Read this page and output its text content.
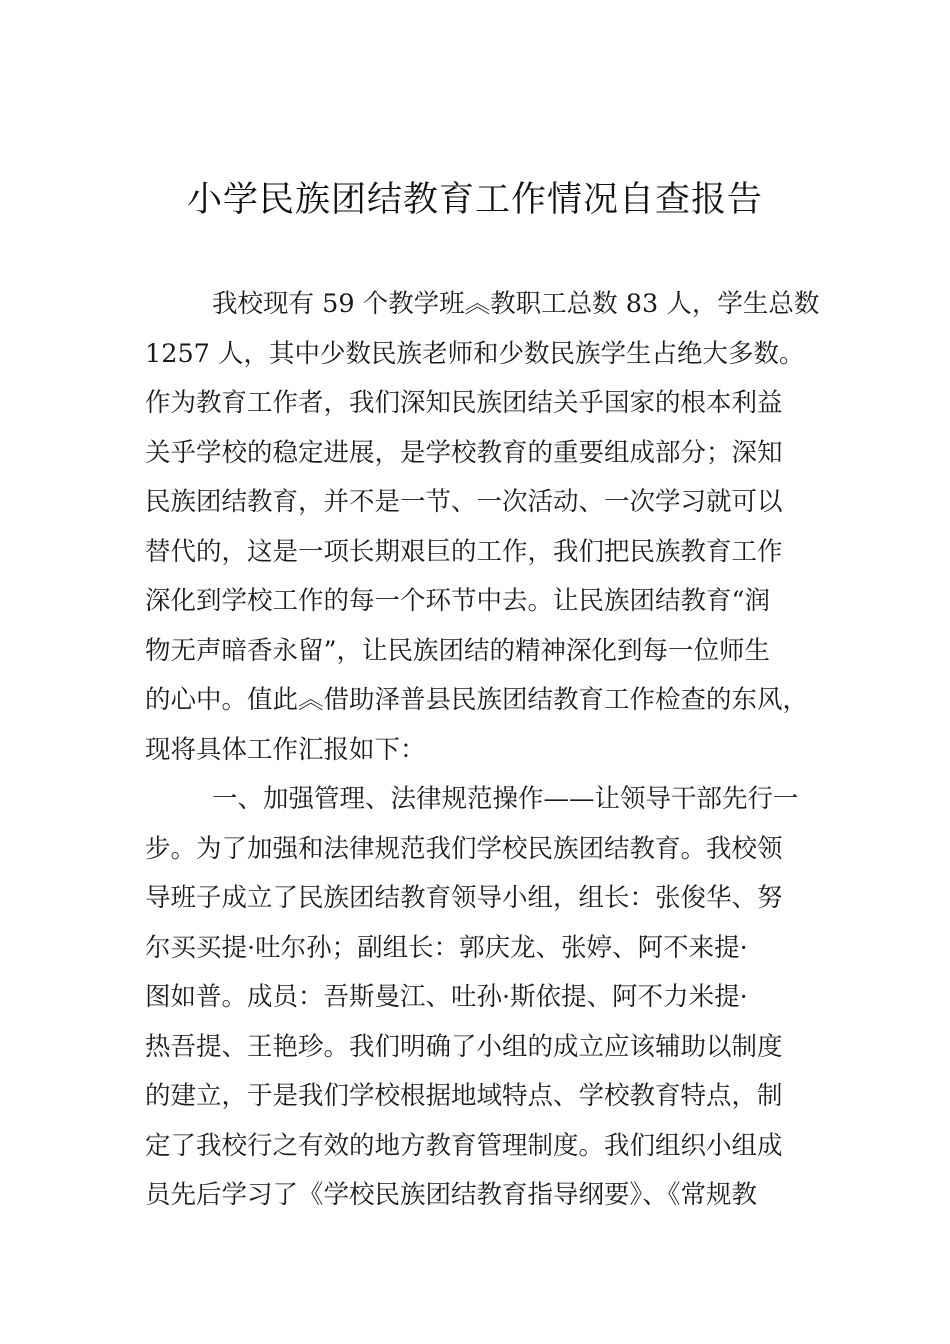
小学民族团结教育工作情况自查报告
我校现有 59 个教学班︽教职工总数 83 人，学生总数
1257 人，其中少数民族老师和少数民族学生占绝大多数。
作为教育工作者，我们深知民族团结关乎国家的根本利益
关乎学校的稳定进展，是学校教育的重要组成部分；深知
民族团结教育，并不是一节、一次活动、一次学习就可以
替代的，这是一项长期艰巨的工作，我们把民族教育工作
深化到学校工作的每一个环节中去。让民族团结教育“润
物无声暗香永留”，让民族团结的精神深化到每一位师生
的心中。值此︽借助泽普县民族团结教育工作检查的东风，
现将具体工作汇报如下：
一、加强管理、法律规范操作——让领导干部先行一
步。为了加强和法律规范我们学校民族团结教育。我校领
导班子成立了民族团结教育领导小组，组长：张俊华、努
尔买买提·吐尔孙；副组长：郭庆龙、张婷、阿不来提·
图如普。成员：吾斯曼江、吐孙·斯依提、阿不力米提·
热吾提、王艳珍。我们明确了小组的成立应该辅助以制度
的建立，于是我们学校根据地域特点、学校教育特点，制
定了我校行之有效的地方教育管理制度。我们组织小组成
员先后学习了《学校民族团结教育指导纲要》、《常规教
